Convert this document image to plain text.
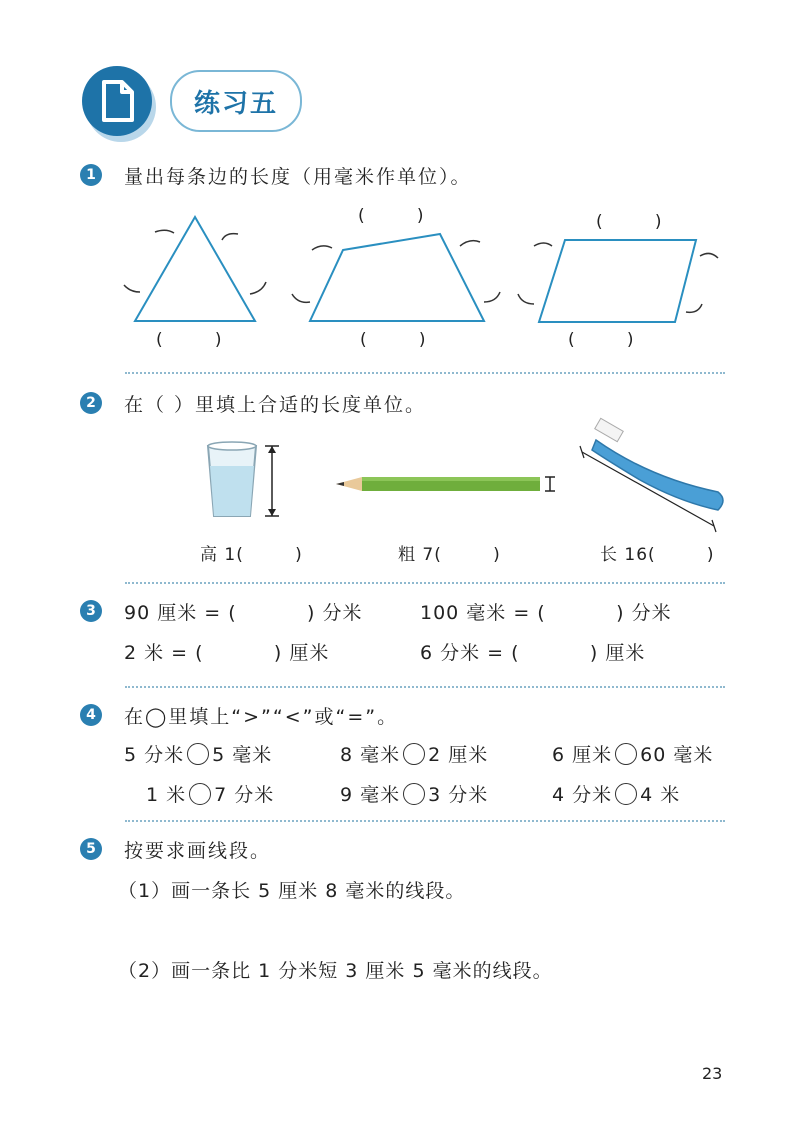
练习五
1	量出每条边的长度（用毫米作单位）。
(        )
(        )
(        )
(        )
(        )
2	在（ ）里填上合适的长度单位。
高 1(        )	粗 7(        )	长 16(        )
3	90 厘米 = (          ) 分米	100 毫米 = (          ) 分米
2 米 = (          ) 厘米	6 分米 = (          ) 厘米
4	在◯里填上“>”“<”或“=”。
5 分米 5 毫米	8 毫米 2 厘米	6 厘米 60 毫米
1 米 7 分米	9 毫米 3 分米	4 分米 4 米
5	按要求画线段。
（1）画一条长 5 厘米 8 毫米的线段。
（2）画一条比 1 分米短 3 厘米 5 毫米的线段。
23
